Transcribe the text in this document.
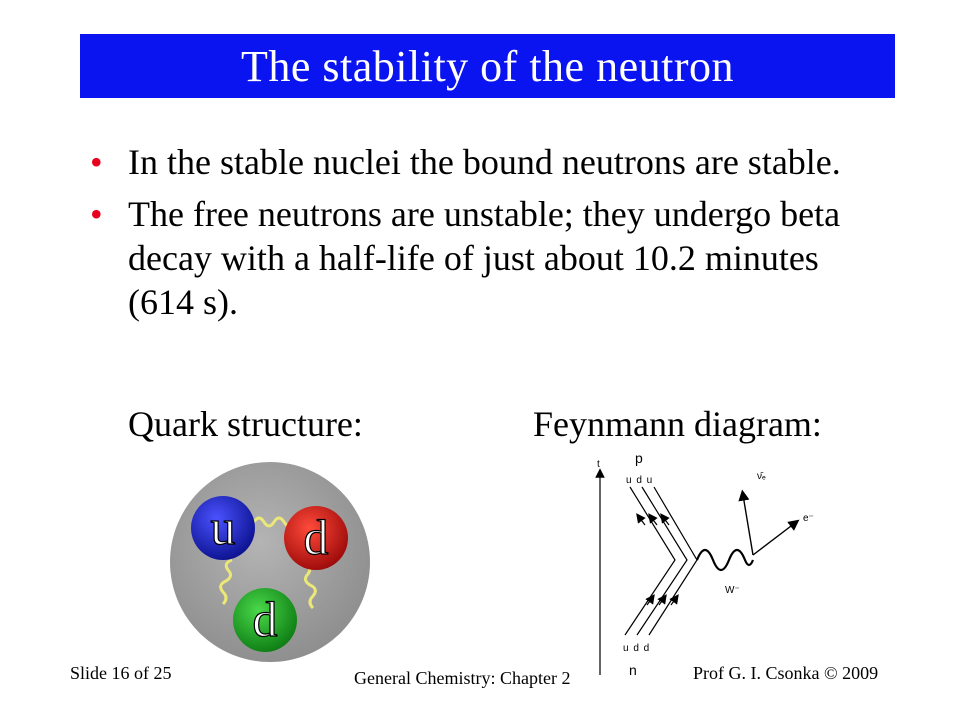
The stability of the neutron
• In the stable nuclei the bound neutrons are stable.
• The free neutrons are unstable; they undergo beta decay with a half-life of just about 10.2 minutes (614 s).
Quark structure:	Feynmann diagram:
u d
d
t	p
u d u
u d d
n
W⁻
ν̄ₑ
e⁻
Slide 16 of 25	General Chemistry: Chapter 2	Prof G. I. Csonka © 2009
